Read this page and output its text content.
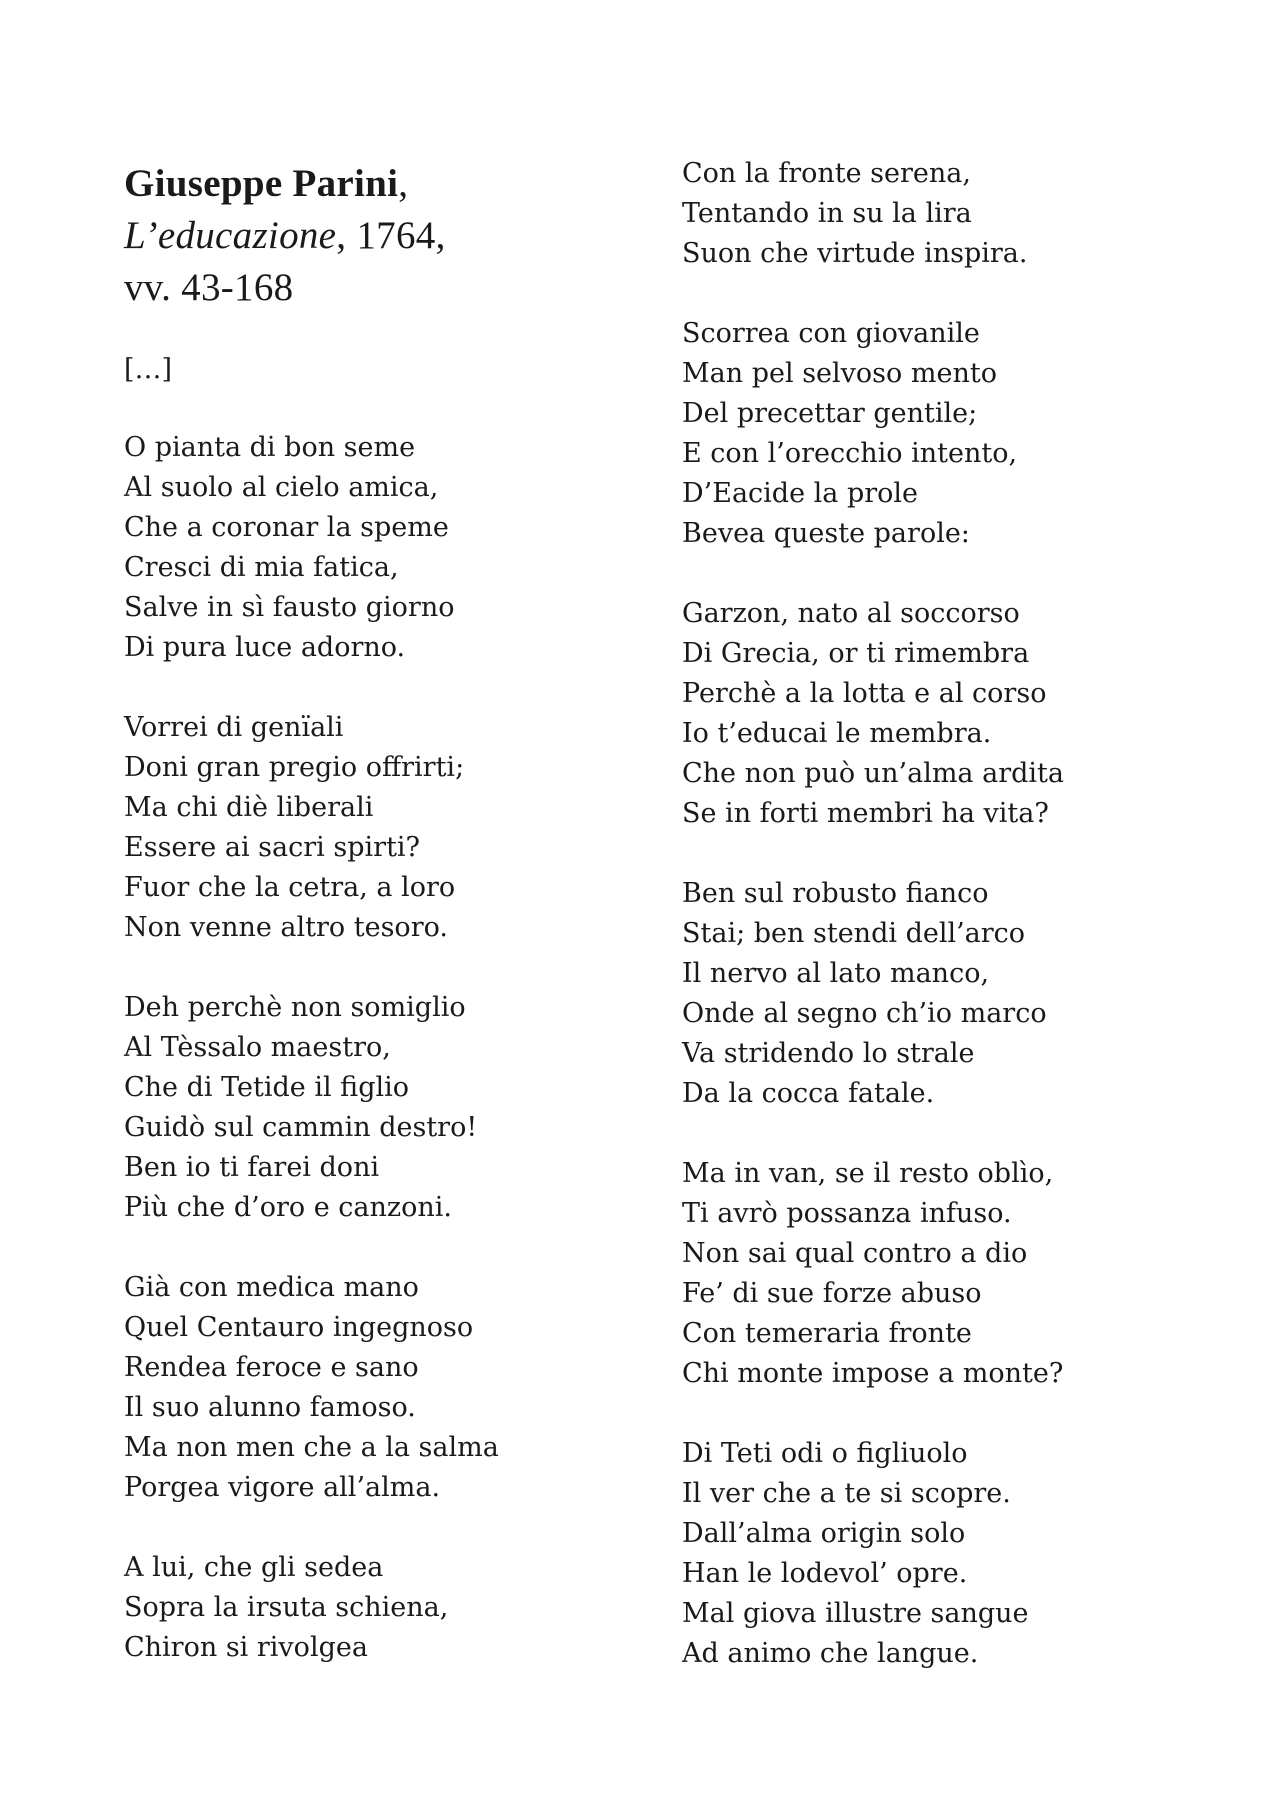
Giuseppe Parini,
L’educazione, 1764,
vv. 43-168
[…]
O pianta di bon seme
Al suolo al cielo amica,
Che a coronar la speme
Cresci di mia fatica,
Salve in sì fausto giorno
Di pura luce adorno.
Vorrei di genïali
Doni gran pregio offrirti;
Ma chi diè liberali
Essere ai sacri spirti?
Fuor che la cetra, a loro
Non venne altro tesoro.
Deh perchè non somiglio
Al Tèssalo maestro,
Che di Tetide il figlio
Guidò sul cammin destro!
Ben io ti farei doni
Più che d’oro e canzoni.
Già con medica mano
Quel Centauro ingegnoso
Rendea feroce e sano
Il suo alunno famoso.
Ma non men che a la salma
Porgea vigore all’alma.
A lui, che gli sedea
Sopra la irsuta schiena,
Chiron si rivolgea
Con la fronte serena,
Tentando in su la lira
Suon che virtude inspira.
Scorrea con giovanile
Man pel selvoso mento
Del precettar gentile;
E con l’orecchio intento,
D’Eacide la prole
Bevea queste parole:
Garzon, nato al soccorso
Di Grecia, or ti rimembra
Perchè a la lotta e al corso
Io t’educai le membra.
Che non può un’alma ardita
Se in forti membri ha vita?
Ben sul robusto fianco
Stai; ben stendi dell’arco
Il nervo al lato manco,
Onde al segno ch’io marco
Va stridendo lo strale
Da la cocca fatale.
Ma in van, se il resto oblìo,
Ti avrò possanza infuso.
Non sai qual contro a dio
Fe’ di sue forze abuso
Con temeraria fronte
Chi monte impose a monte?
Di Teti odi o figliuolo
Il ver che a te si scopre.
Dall’alma origin solo
Han le lodevol’ opre.
Mal giova illustre sangue
Ad animo che langue.
